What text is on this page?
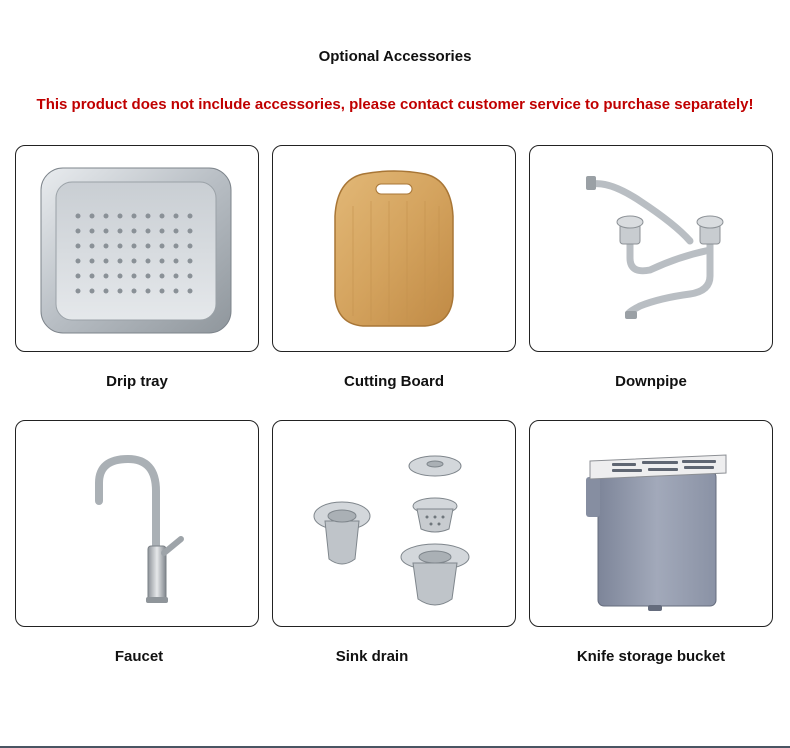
Optional Accessories
This product does not include accessories, please contact customer service to purchase separately!
Drip tray	Cutting Board	Downpipe
Faucet	Sink drain	Knife storage bucket
